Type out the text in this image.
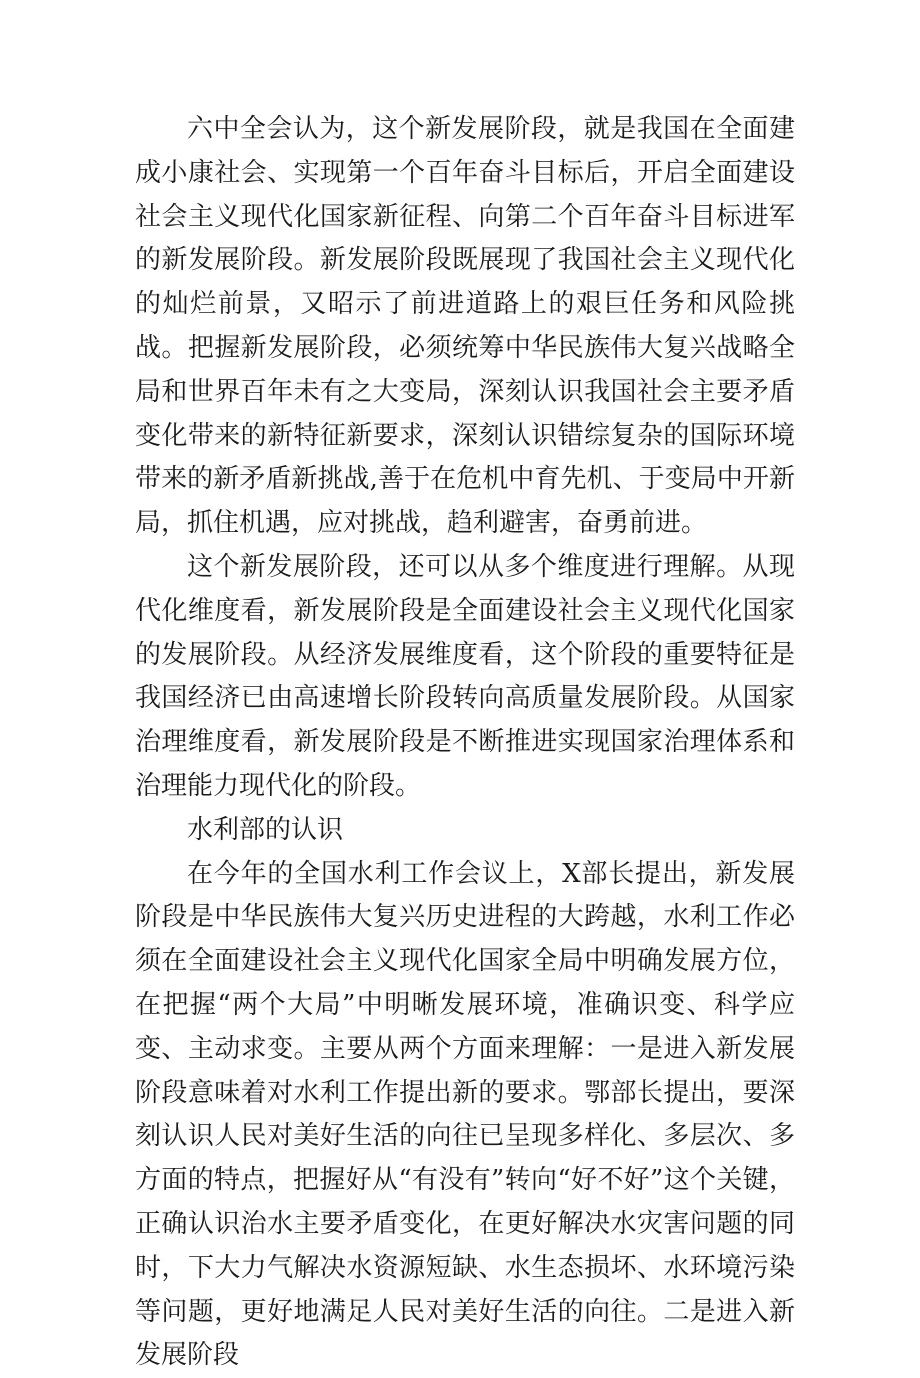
六中全会认为，这个新发展阶段，就是我国在全面建成小康社会、实现第一个百年奋斗目标后，开启全面建设社会主义现代化国家新征程、向第二个百年奋斗目标进军的新发展阶段。新发展阶段既展现了我国社会主义现代化的灿烂前景，又昭示了前进道路上的艰巨任务和风险挑战。把握新发展阶段，必须统筹中华民族伟大复兴战略全局和世界百年未有之大变局，深刻认识我国社会主要矛盾变化带来的新特征新要求，深刻认识错综复杂的国际环境带来的新矛盾新挑战,善于在危机中育先机、于变局中开新局，抓住机遇，应对挑战，趋利避害，奋勇前进。

这个新发展阶段，还可以从多个维度进行理解。从现代化维度看，新发展阶段是全面建设社会主义现代化国家的发展阶段。从经济发展维度看，这个阶段的重要特征是我国经济已由高速增长阶段转向高质量发展阶段。从国家治理维度看，新发展阶段是不断推进实现国家治理体系和治理能力现代化的阶段。

水利部的认识

在今年的全国水利工作会议上，X部长提出，新发展阶段是中华民族伟大复兴历史进程的大跨越，水利工作必须在全面建设社会主义现代化国家全局中明确发展方位，在把握“两个大局”中明晰发展环境，准确识变、科学应变、主动求变。主要从两个方面来理解：一是进入新发展阶段意味着对水利工作提出新的要求。鄂部长提出，要深刻认识人民对美好生活的向往已呈现多样化、多层次、多方面的特点，把握好从“有没有”转向“好不好”这个关键，正确认识治水主要矛盾变化，在更好解决水灾害问题的同时，下大力气解决水资源短缺、水生态损坏、水环境污染等问题，更好地满足人民对美好生活的向往。二是进入新发展阶段
